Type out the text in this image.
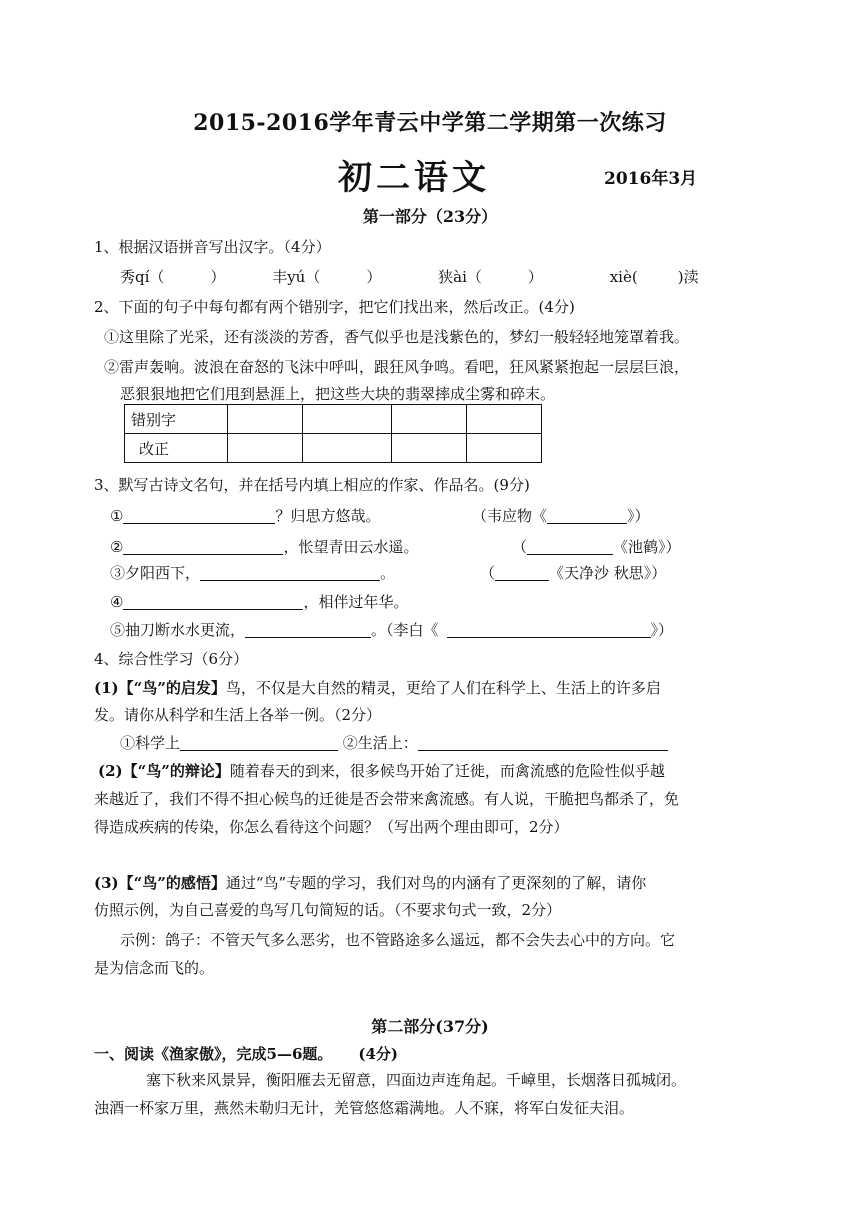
2015-2016学年青云中学第二学期第一次练习
初二语文	2016年3月
第一部分（23分）
1、根据汉语拼音写出汉字。（4分）
秀qí（	）	丰yú（	）	狭ài（	）	xiè(	)渎
2、下面的句子中每句都有两个错别字，把它们找出来，然后改正。(4分)
①这里除了光采，还有淡淡的芳香，香气似乎也是浅紫色的，梦幻一般轻轻地笼罩着我。
②雷声轰响。波浪在奋怒的飞沫中呼叫，跟狂风争鸣。看吧，狂风紧紧抱起一层层巨浪，
恶狠狠地把它们甩到悬涯上，把这些大块的翡翠摔成尘雾和碎末。
错别字				
改正				
3、默写古诗文名句，并在括号内填上相应的作家、作品名。(9分)
①	？归思方悠哉。	（韦应物《	》）
②	，怅望青田云水遥。	（	《池鹤》）
③夕阳西下，	。	（	《天净沙 秋思》）
④	，相伴过年华。
⑤抽刀断水水更流，	。（李白《	》）
4、综合性学习（6分）
(1)【“鸟”的启发】鸟，不仅是大自然的精灵，更给了人们在科学上、生活上的许多启
发。请你从科学和生活上各举一例。（2分）
①科学上	②生活上：
(2)【“鸟”的辩论】随着春天的到来，很多候鸟开始了迁徙，而禽流感的危险性似乎越
来越近了，我们不得不担心候鸟的迁徙是否会带来禽流感。有人说，干脆把鸟都杀了，免
得造成疾病的传染，你怎么看待这个问题？（写出两个理由即可，2分）
(3)【“鸟”的感悟】通过“鸟”专题的学习，我们对鸟的内涵有了更深刻的了解，请你
仿照示例，为自己喜爱的鸟写几句简短的话。（不要求句式一致，2分）
示例：鸽子：不管天气多么恶劣，也不管路途多么遥远，都不会失去心中的方向。它
是为信念而飞的。
第二部分(37分)
一、阅读《渔家傲》，完成5—6题。 (4分)
塞下秋来风景异，衡阳雁去无留意，四面边声连角起。千嶂里，长烟落日孤城闭。
浊酒一杯家万里，燕然未勒归无计，羌管悠悠霜满地。人不寐，将军白发征夫泪。
